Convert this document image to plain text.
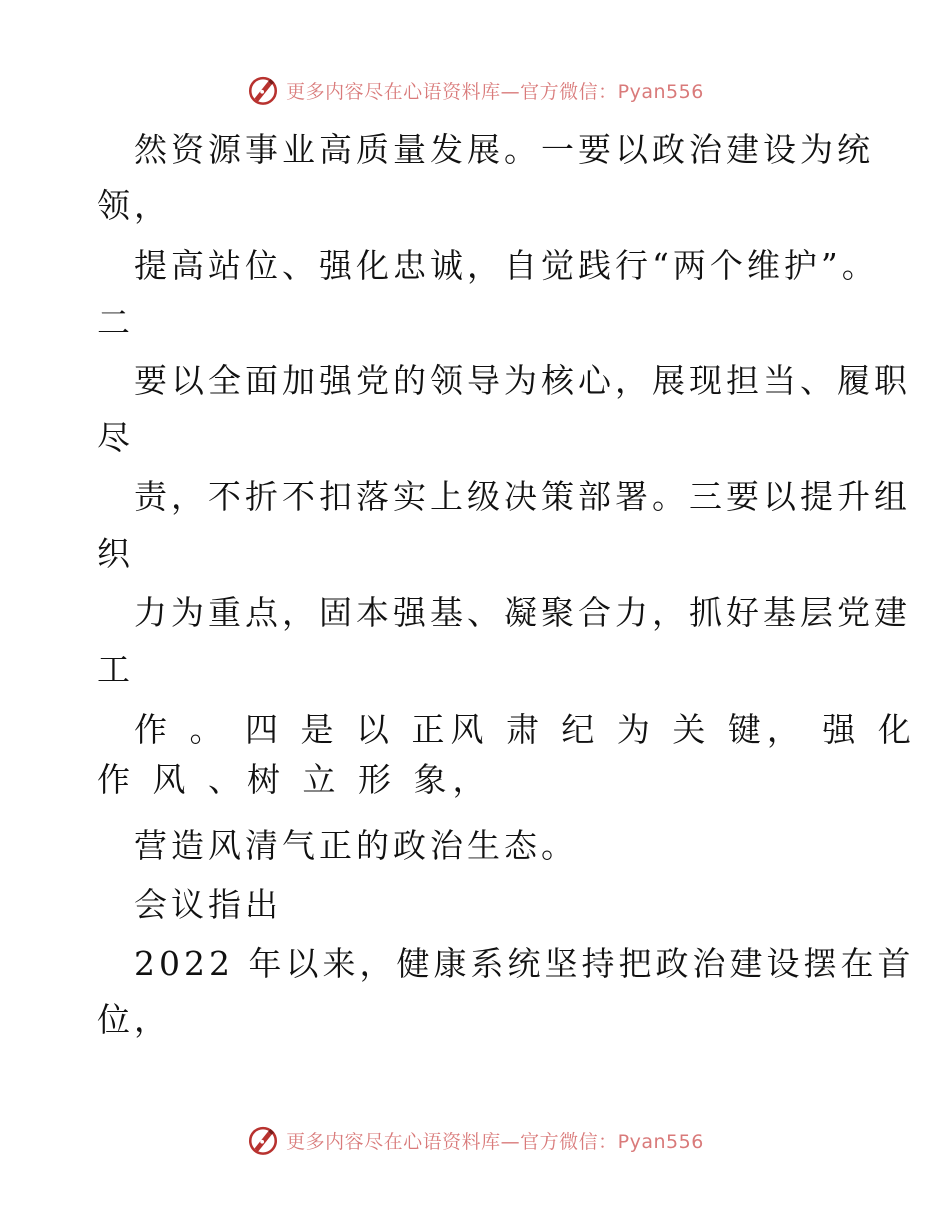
更多内容尽在心语资料库—官方微信：Pyan556
然资源事业高质量发展。一要以政治建设为统
领，
提高站位、强化忠诚，自觉践行“两个维护”。
二
要以全面加强党的领导为核心，展现担当、履职
尽
责，不折不扣落实上级决策部署。三要以提升组
织
力为重点，固本强基、凝聚合力，抓好基层党建
工
作 。 四 是 以 正风 肃 纪 为 关 键， 强 化
作 风 、树 立 形 象，
营造风清气正的政治生态。
会议指出
2022 年以来，健康系统坚持把政治建设摆在首
位，
更多内容尽在心语资料库—官方微信：Pyan556
